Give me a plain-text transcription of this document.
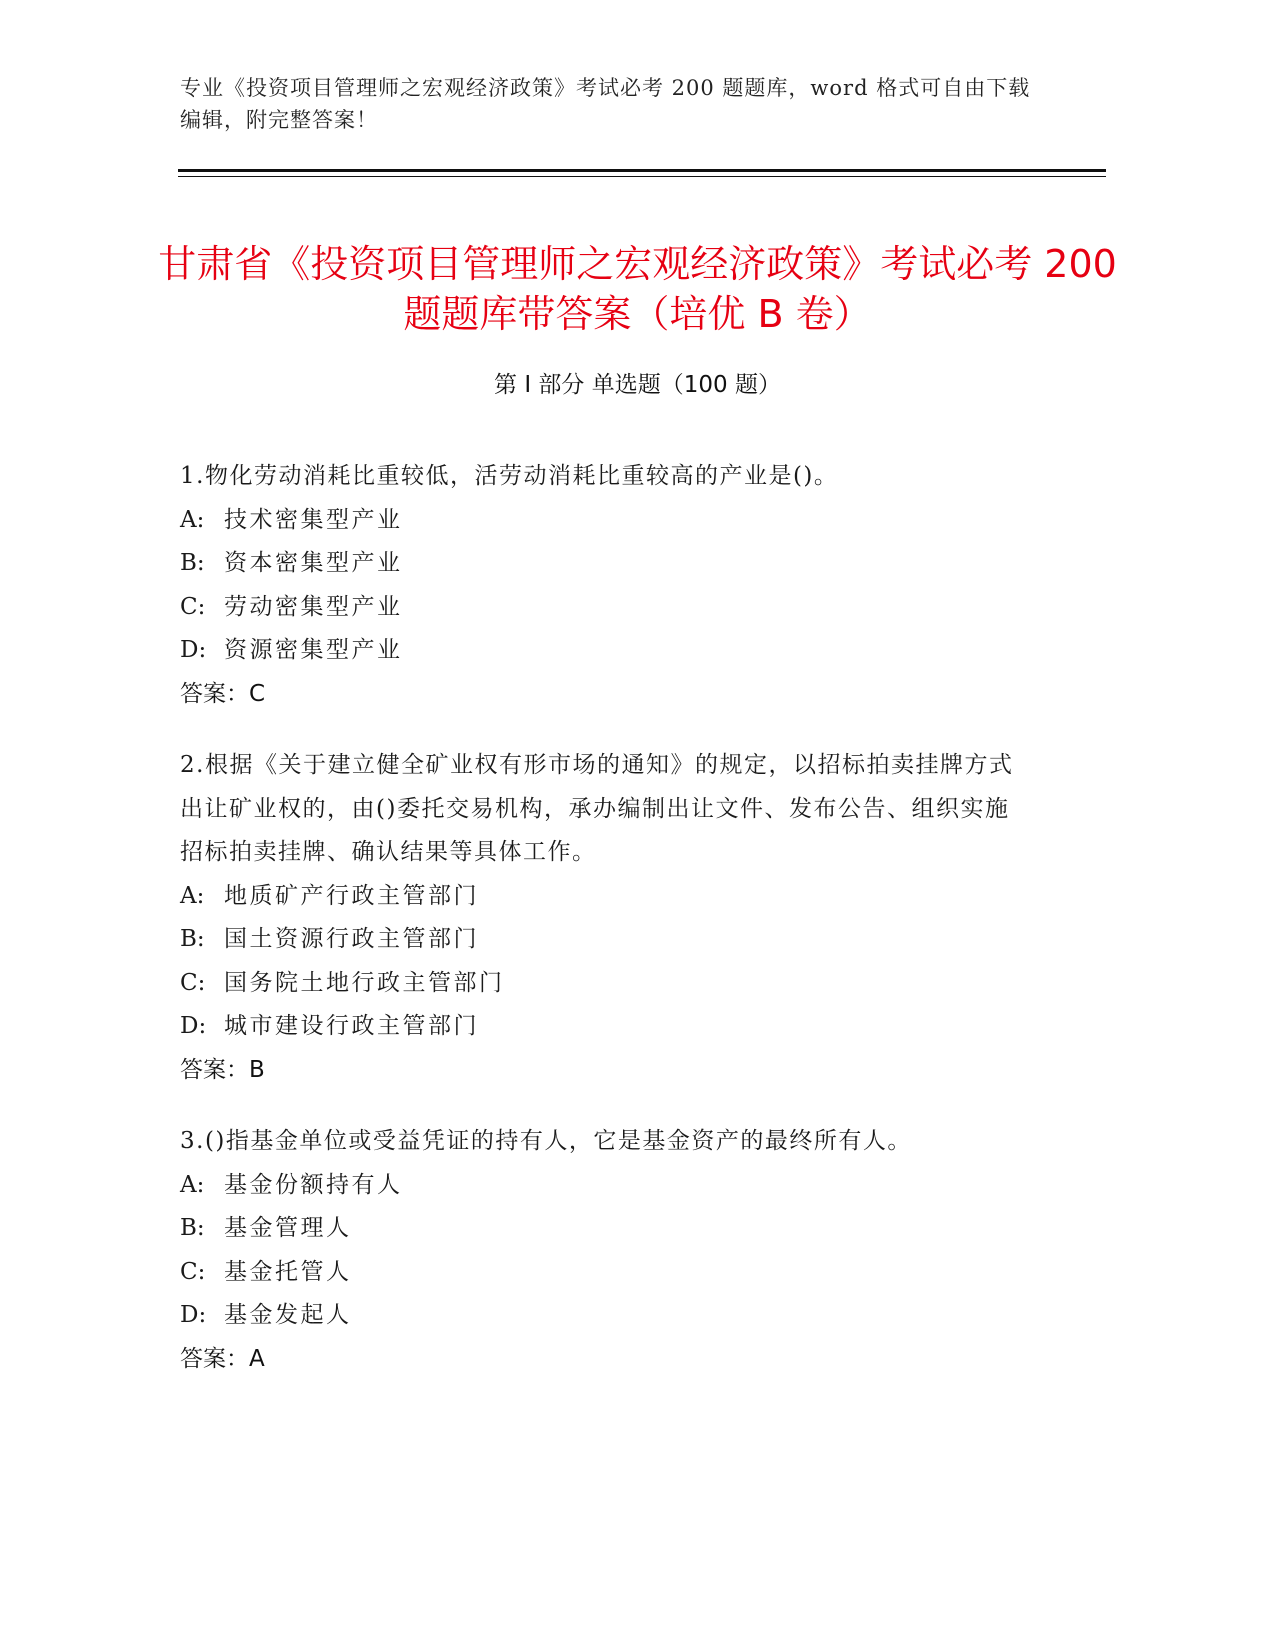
专业《投资项目管理师之宏观经济政策》考试必考 200 题题库，word 格式可自由下载编辑，附完整答案！
甘肃省《投资项目管理师之宏观经济政策》考试必考 200 题题库带答案（培优 B 卷）
第 I 部分 单选题（100 题）
1.物化劳动消耗比重较低，活劳动消耗比重较高的产业是()。
A: 技术密集型产业
B: 资本密集型产业
C: 劳动密集型产业
D: 资源密集型产业
答案：C
2.根据《关于建立健全矿业权有形市场的通知》的规定，以招标拍卖挂牌方式出让矿业权的，由()委托交易机构，承办编制出让文件、发布公告、组织实施招标拍卖挂牌、确认结果等具体工作。
A: 地质矿产行政主管部门
B: 国土资源行政主管部门
C: 国务院土地行政主管部门
D: 城市建设行政主管部门
答案：B
3.()指基金单位或受益凭证的持有人，它是基金资产的最终所有人。
A: 基金份额持有人
B: 基金管理人
C: 基金托管人
D: 基金发起人
答案：A
